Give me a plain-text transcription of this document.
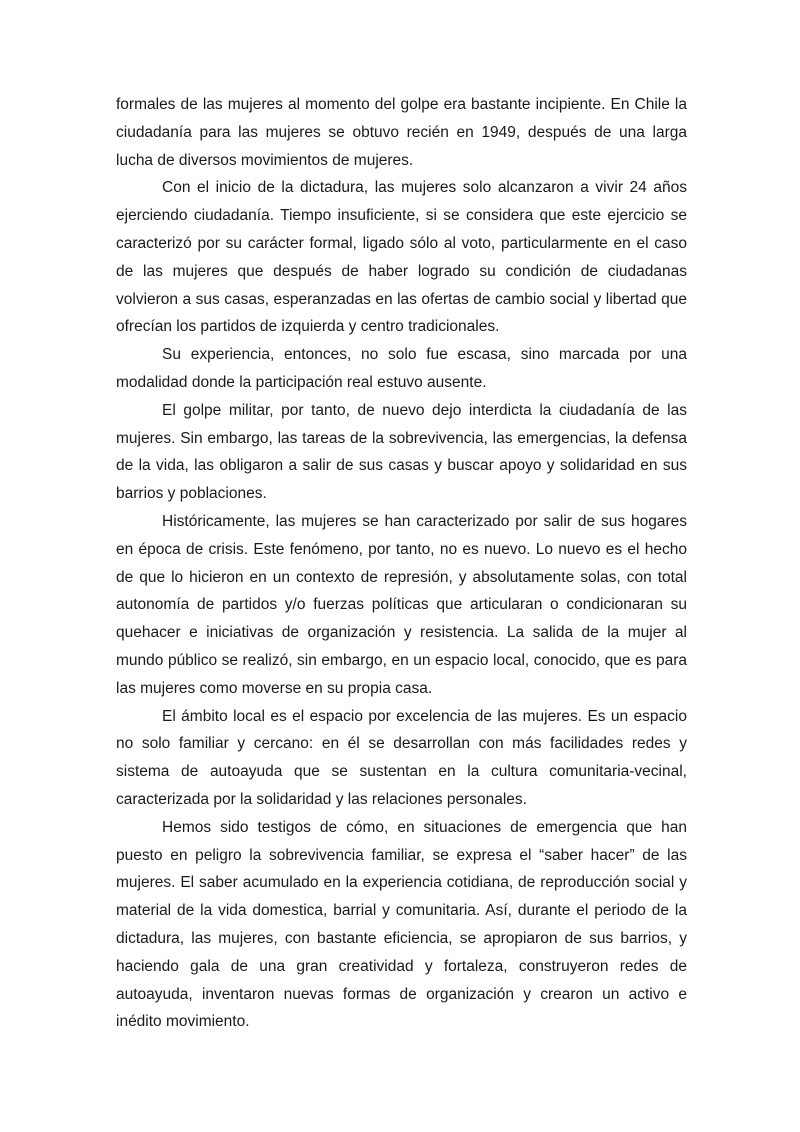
formales de las mujeres al momento del golpe era bastante incipiente. En Chile la ciudadanía para las mujeres se obtuvo recién en 1949, después de una larga lucha de diversos movimientos de mujeres.

Con el inicio de la dictadura, las mujeres solo alcanzaron a vivir 24 años ejerciendo ciudadanía. Tiempo insuficiente, si se considera que este ejercicio se caracterizó por su carácter formal, ligado sólo al voto, particularmente en el caso de las mujeres que después de haber logrado su condición de ciudadanas volvieron a sus casas, esperanzadas en las ofertas de cambio social y libertad que ofrecían los partidos de izquierda y centro tradicionales.

Su experiencia, entonces, no solo fue escasa, sino marcada por una modalidad donde la participación real estuvo ausente.

El golpe militar, por tanto, de nuevo dejo interdicta la ciudadanía de las mujeres. Sin embargo, las tareas de la sobrevivencia, las emergencias, la defensa de la vida, las obligaron a salir de sus casas y buscar apoyo y solidaridad en sus barrios y poblaciones.

Históricamente, las mujeres se han caracterizado por salir de sus hogares en época de crisis. Este fenómeno, por tanto, no es nuevo. Lo nuevo es el hecho de que lo hicieron en un contexto de represión, y absolutamente solas, con total autonomía de partidos y/o fuerzas políticas que articularan o condicionaran su quehacer e iniciativas de organización y resistencia. La salida de la mujer al mundo público se realizó, sin embargo, en un espacio local, conocido, que es para las mujeres como moverse en su propia casa.

El ámbito local es el espacio por excelencia de las mujeres. Es un espacio no solo familiar y cercano: en él se desarrollan con más facilidades redes y sistema de autoayuda que se sustentan en la cultura comunitaria-vecinal, caracterizada por la solidaridad y las relaciones personales.

Hemos sido testigos de cómo, en situaciones de emergencia que han puesto en peligro la sobrevivencia familiar, se expresa el “saber hacer” de las mujeres. El saber acumulado en la experiencia cotidiana, de reproducción social y material de la vida domestica, barrial y comunitaria. Así, durante el periodo de la dictadura, las mujeres, con bastante eficiencia, se apropiaron de sus barrios, y haciendo gala de una gran creatividad y fortaleza, construyeron redes de autoayuda, inventaron nuevas formas de organización y crearon un activo e inédito movimiento.
